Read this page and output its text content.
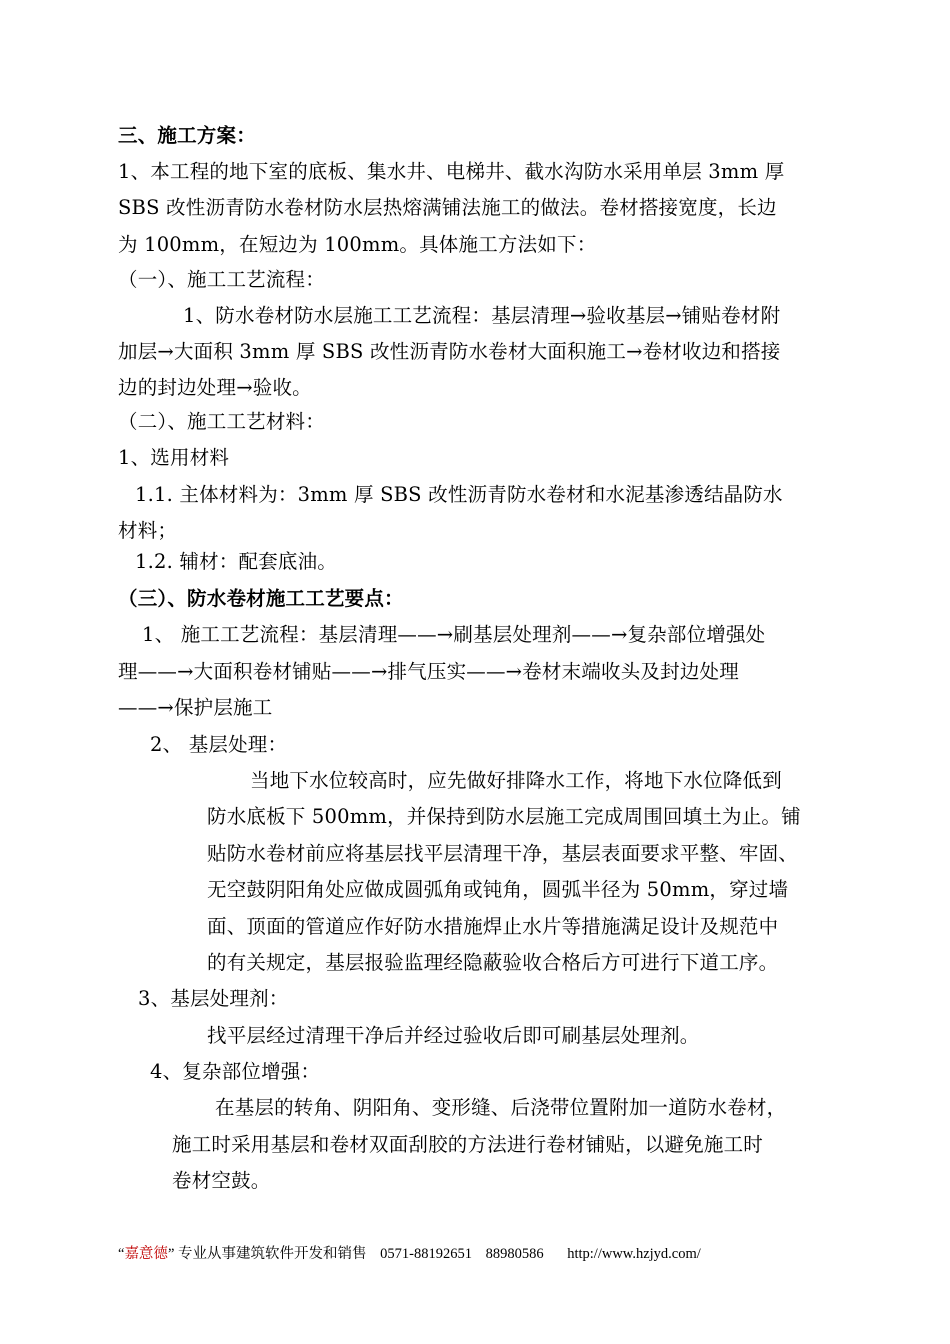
三、施工方案：
1、本工程的地下室的底板、集水井、电梯井、截水沟防水采用单层 3mm 厚
SBS 改性沥青防水卷材防水层热熔满铺法施工的做法。卷材搭接宽度，长边
为 100mm，在短边为 100mm。具体施工方法如下：
（一）、施工工艺流程：
1、防水卷材防水层施工工艺流程：基层清理→验收基层→铺贴卷材附
加层→大面积 3mm 厚 SBS 改性沥青防水卷材大面积施工→卷材收边和搭接
边的封边处理→验收。
（二）、施工工艺材料：
1、选用材料
1.1. 主体材料为：3mm 厚 SBS 改性沥青防水卷材和水泥基渗透结晶防水
材料；
1.2. 辅材：配套底油。
（三）、防水卷材施工工艺要点：
1、 施工工艺流程：基层清理——→刷基层处理剂——→复杂部位增强处
理——→大面积卷材铺贴——→排气压实——→卷材末端收头及封边处理
——→保护层施工
2、 基层处理：
当地下水位较高时，应先做好排降水工作，将地下水位降低到
防水底板下 500mm，并保持到防水层施工完成周围回填土为止。铺
贴防水卷材前应将基层找平层清理干净，基层表面要求平整、牢固、
无空鼓阴阳角处应做成圆弧角或钝角，圆弧半径为 50mm，穿过墙
面、顶面的管道应作好防水措施焊止水片等措施满足设计及规范中
的有关规定，基层报验监理经隐蔽验收合格后方可进行下道工序。
3、基层处理剂：
找平层经过清理干净后并经过验收后即可刷基层处理剂。
4、复杂部位增强：
在基层的转角、阴阳角、变形缝、后浇带位置附加一道防水卷材，
施工时采用基层和卷材双面刮胶的方法进行卷材铺贴，以避免施工时
卷材空鼓。
“嘉意德” 专业从事建筑软件开发和销售 0571-88192651 88980586 http://www.hzjyd.com/
